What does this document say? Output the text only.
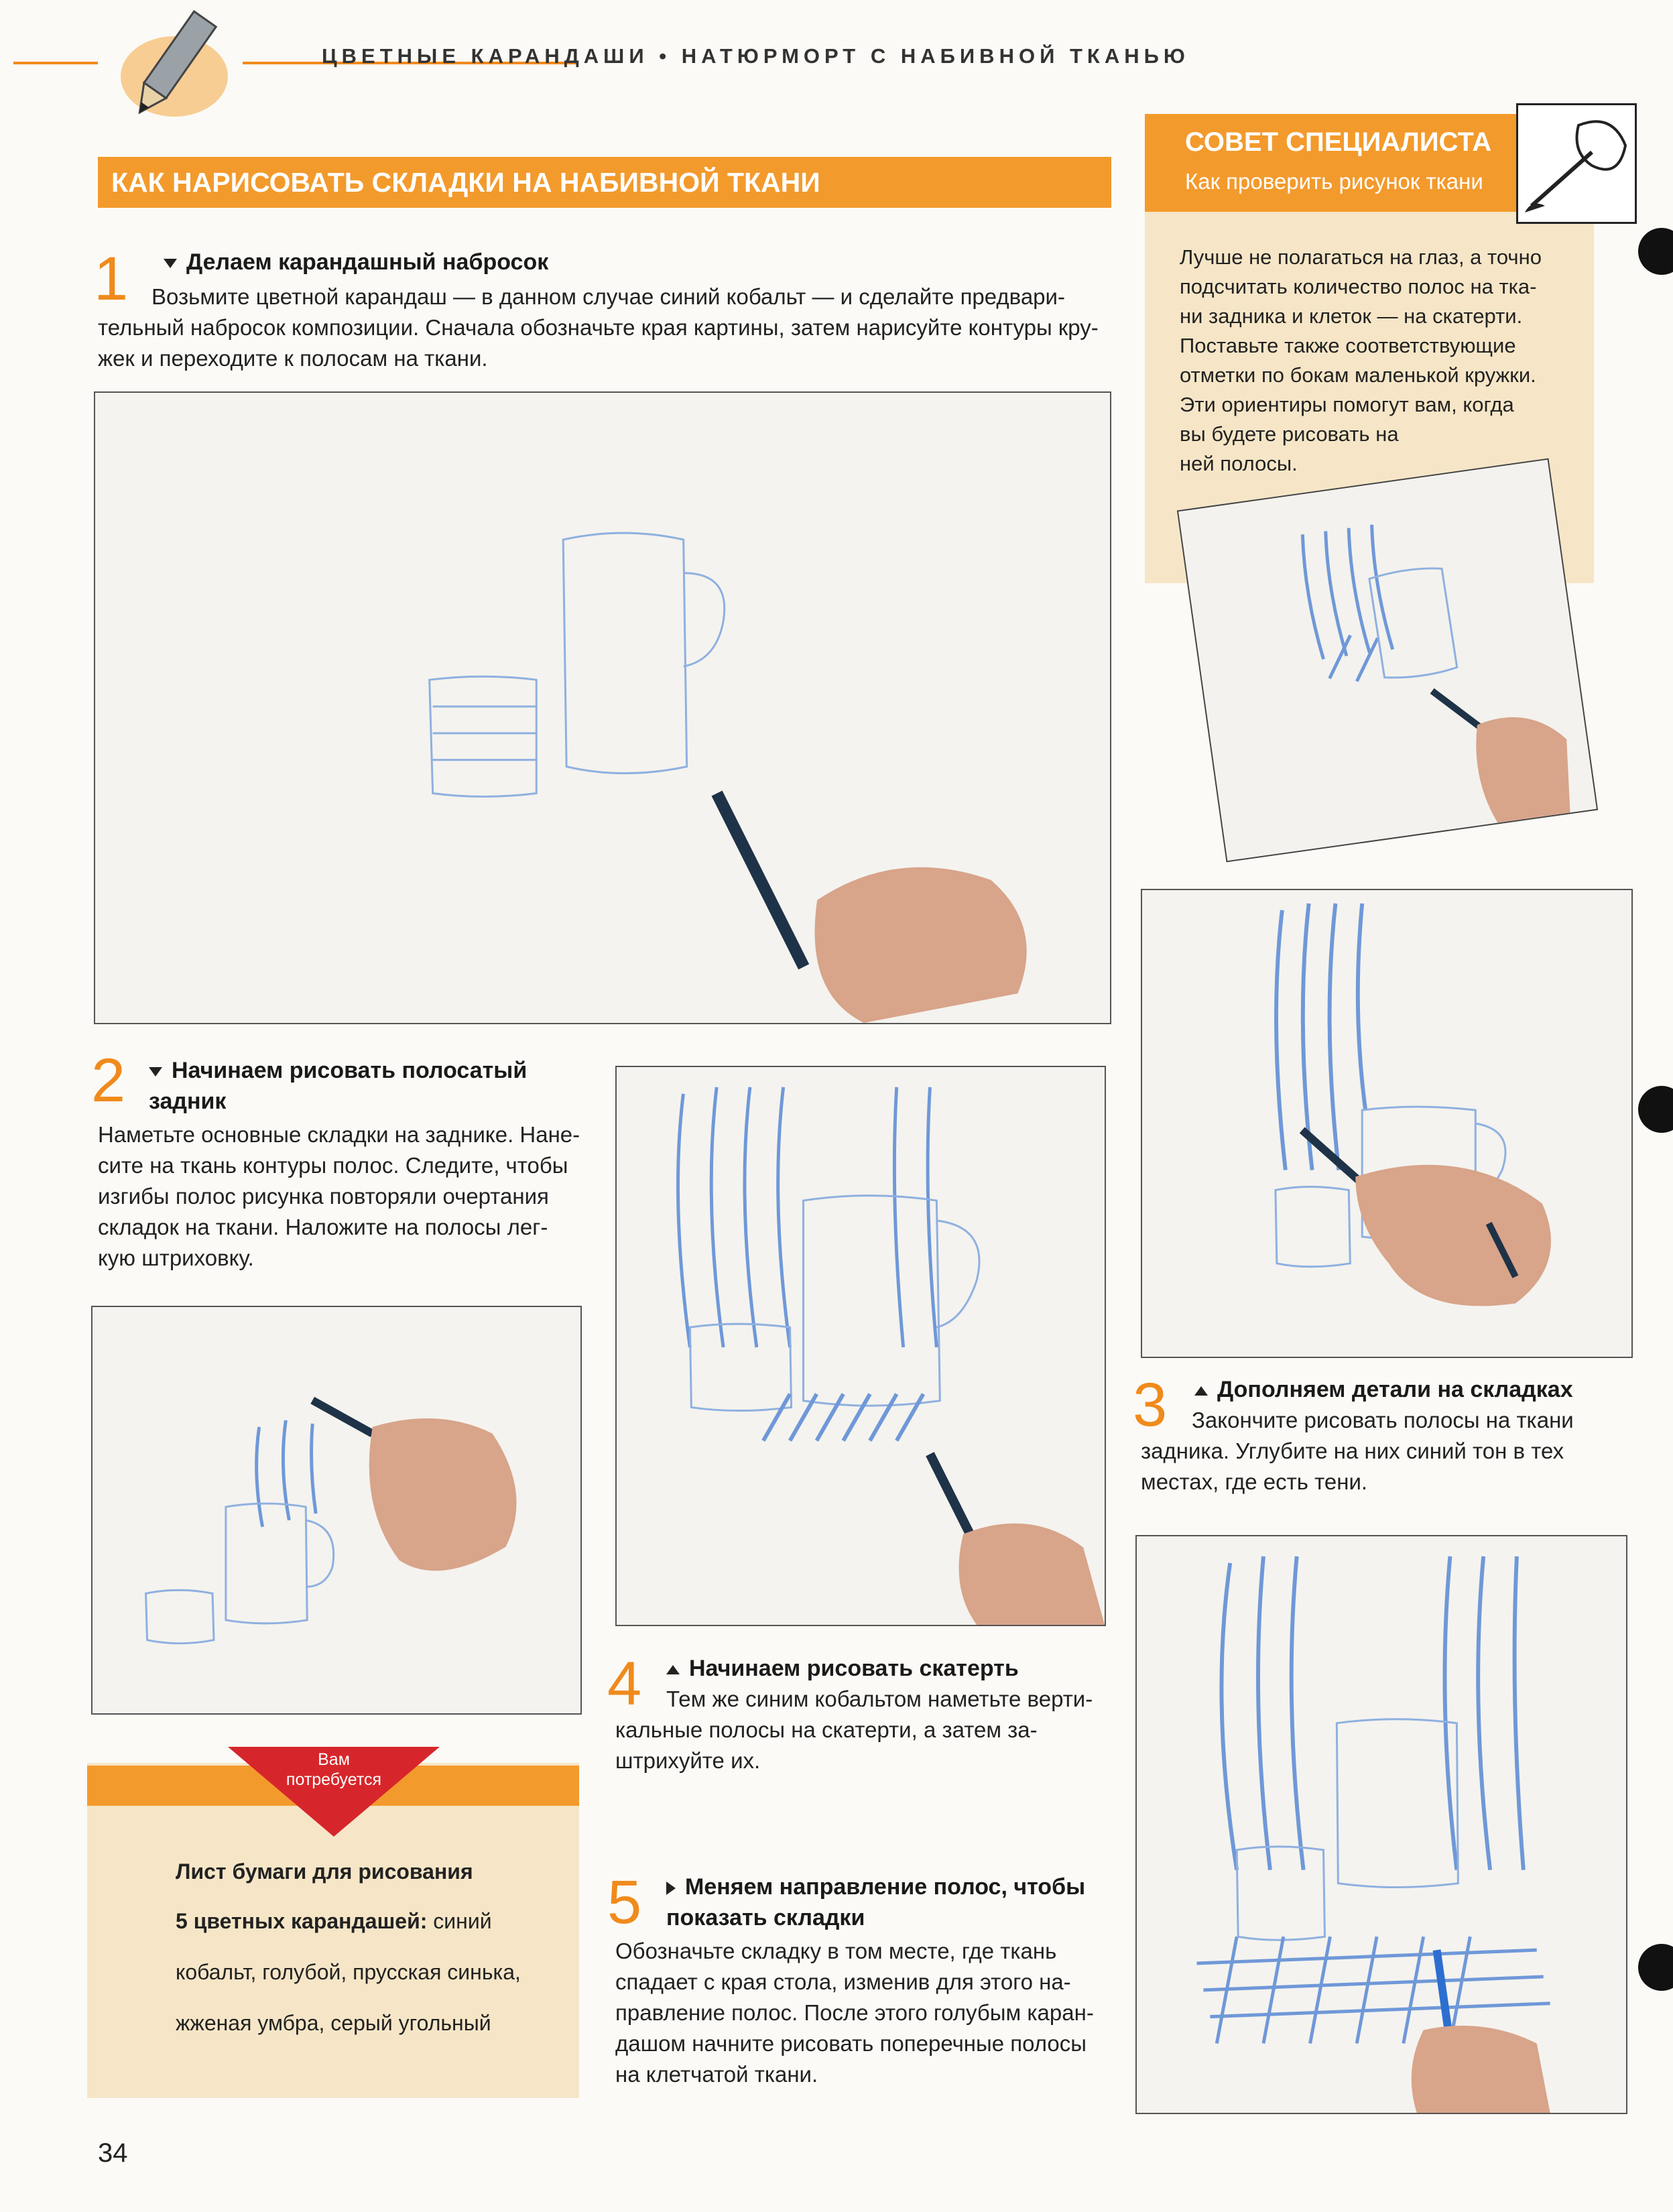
ЦВЕТНЫЕ КАРАНДАШИ • НАТЮРМОРТ С НАБИВНОЙ ТКАНЬЮ
КАК НАРИСОВАТЬ СКЛАДКИ НА НАБИВНОЙ ТКАНИ
1	Делаем карандашный набросок
Возьмите цветной карандаш — в данном случае синий кобальт — и сделайте предвари-
тельный набросок композиции. Сначала обозначьте края картины, затем нарисуйте контуры кру-
жек и переходите к полосам на ткани.
2	Начинаем рисовать полосатый
задник
Наметьте основные складки на заднике. Нане-
сите на ткань контуры полос. Следите, чтобы
изгибы полос рисунка повторяли очертания
складок на ткани. Наложите на полосы лег-
кую штриховку.
4	Начинаем рисовать скатерть
Тем же синим кобальтом наметьте верти-
кальные полосы на скатерти, а затем за-
штрихуйте их.
5	Меняем направление полос, чтобы
показать складки
Обозначьте складку в том месте, где ткань
спадает с края стола, изменив для этого на-
правление полос. После этого голубым каран-
дашом начните рисовать поперечные полосы
на клетчатой ткани.
СОВЕТ СПЕЦИАЛИСТА
Как проверить рисунок ткани
Лучше не полагаться на глаз, а точно
подсчитать количество полос на тка-
ни задника и клеток — на скатерти.
Поставьте также соответствующие
отметки по бокам маленькой кружки.
Эти ориентиры помогут вам, когда
вы будете рисовать на
ней полосы.
3	Дополняем детали на складках
Закончите рисовать полосы на ткани
задника. Углубите на них синий тон в тех
местах, где есть тени.
Вам
потребуется
Лист бумаги для рисования
5 цветных карандашей: синий
кобальт, голубой, прусская синька,
жженая умбра, серый угольный
34
